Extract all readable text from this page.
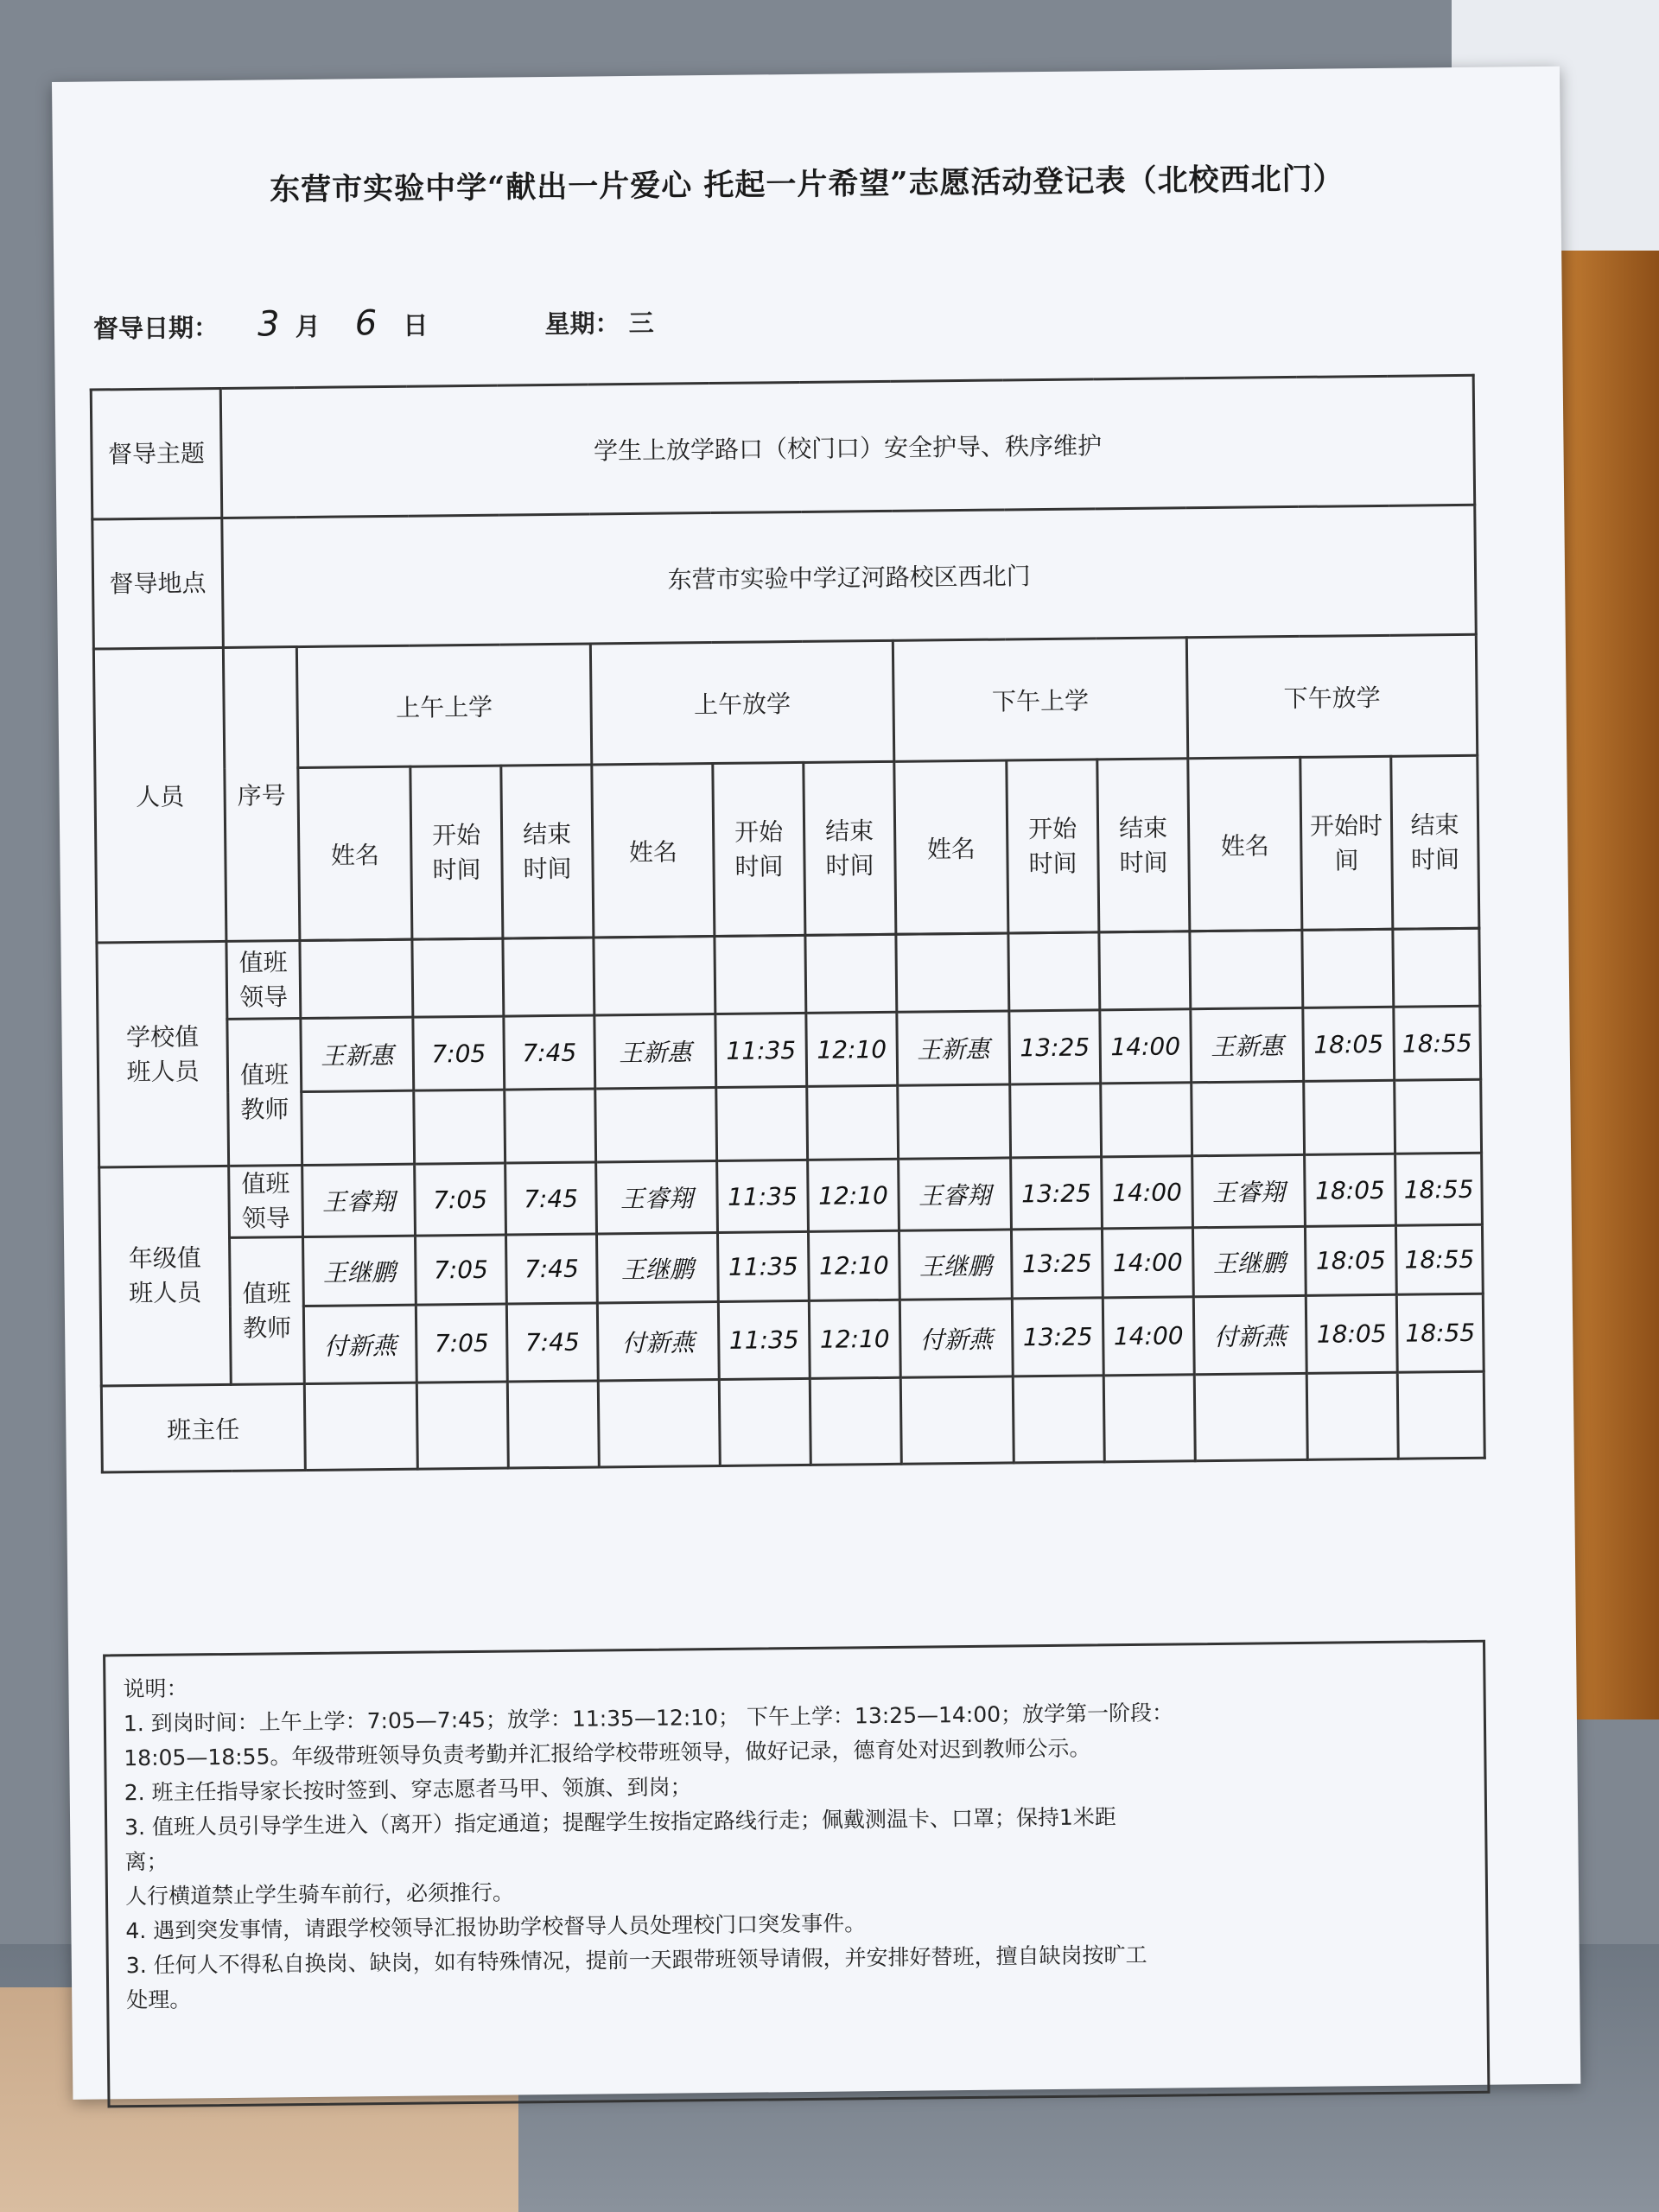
东营市实验中学“献出一片爱心 托起一片希望”志愿活动登记表（北校西北门）
督导日期： 3 月 6 日	星期： 三
督导主题	学生上放学路口（校门口）安全护导、秩序维护												
督导地点	东营市实验中学辽河路校区西北门												
人员	序号	上午上学			上午放学			下午上学			下午放学		
		姓名	开始时间	结束时间	姓名	开始时间	结束时间	姓名	开始时间	结束时间	姓名	开始时间	结束时间

学校值班人员	值班领导												
	值班教师	王新惠	7:05	7:45	王新惠	11:35	12:10	王新惠	13:25	14:00	王新惠	18:05	18:55

年级值班人员	值班领导	王睿翔	7:05	7:45	王睿翔	11:35	12:10	王睿翔	13:25	14:00	王睿翔	18:05	18:55
	值班教师	王继鹏	7:05	7:45	王继鹏	11:35	12:10	王继鹏	13:25	14:00	王继鹏	18:05	18:55
		付新燕	7:05	7:45	付新燕	11:35	12:10	付新燕	13:25	14:00	付新燕	18:05	18:55
班主任													
说明：
1. 到岗时间：上午上学：7:05—7:45；放学：11:35—12:10； 下午上学：13:25—14:00；放学第一阶段：
18:05—18:55。年级带班领导负责考勤并汇报给学校带班领导，做好记录，德育处对迟到教师公示。
2. 班主任指导家长按时签到、穿志愿者马甲、领旗、到岗；
3. 值班人员引导学生进入（离开）指定通道；提醒学生按指定路线行走；佩戴测温卡、口罩；保持1米距
离；
人行横道禁止学生骑车前行，必须推行。
4. 遇到突发事情，请跟学校领导汇报协助学校督导人员处理校门口突发事件。
3. 任何人不得私自换岗、缺岗，如有特殊情况，提前一天跟带班领导请假，并安排好替班，擅自缺岗按旷工
处理。
